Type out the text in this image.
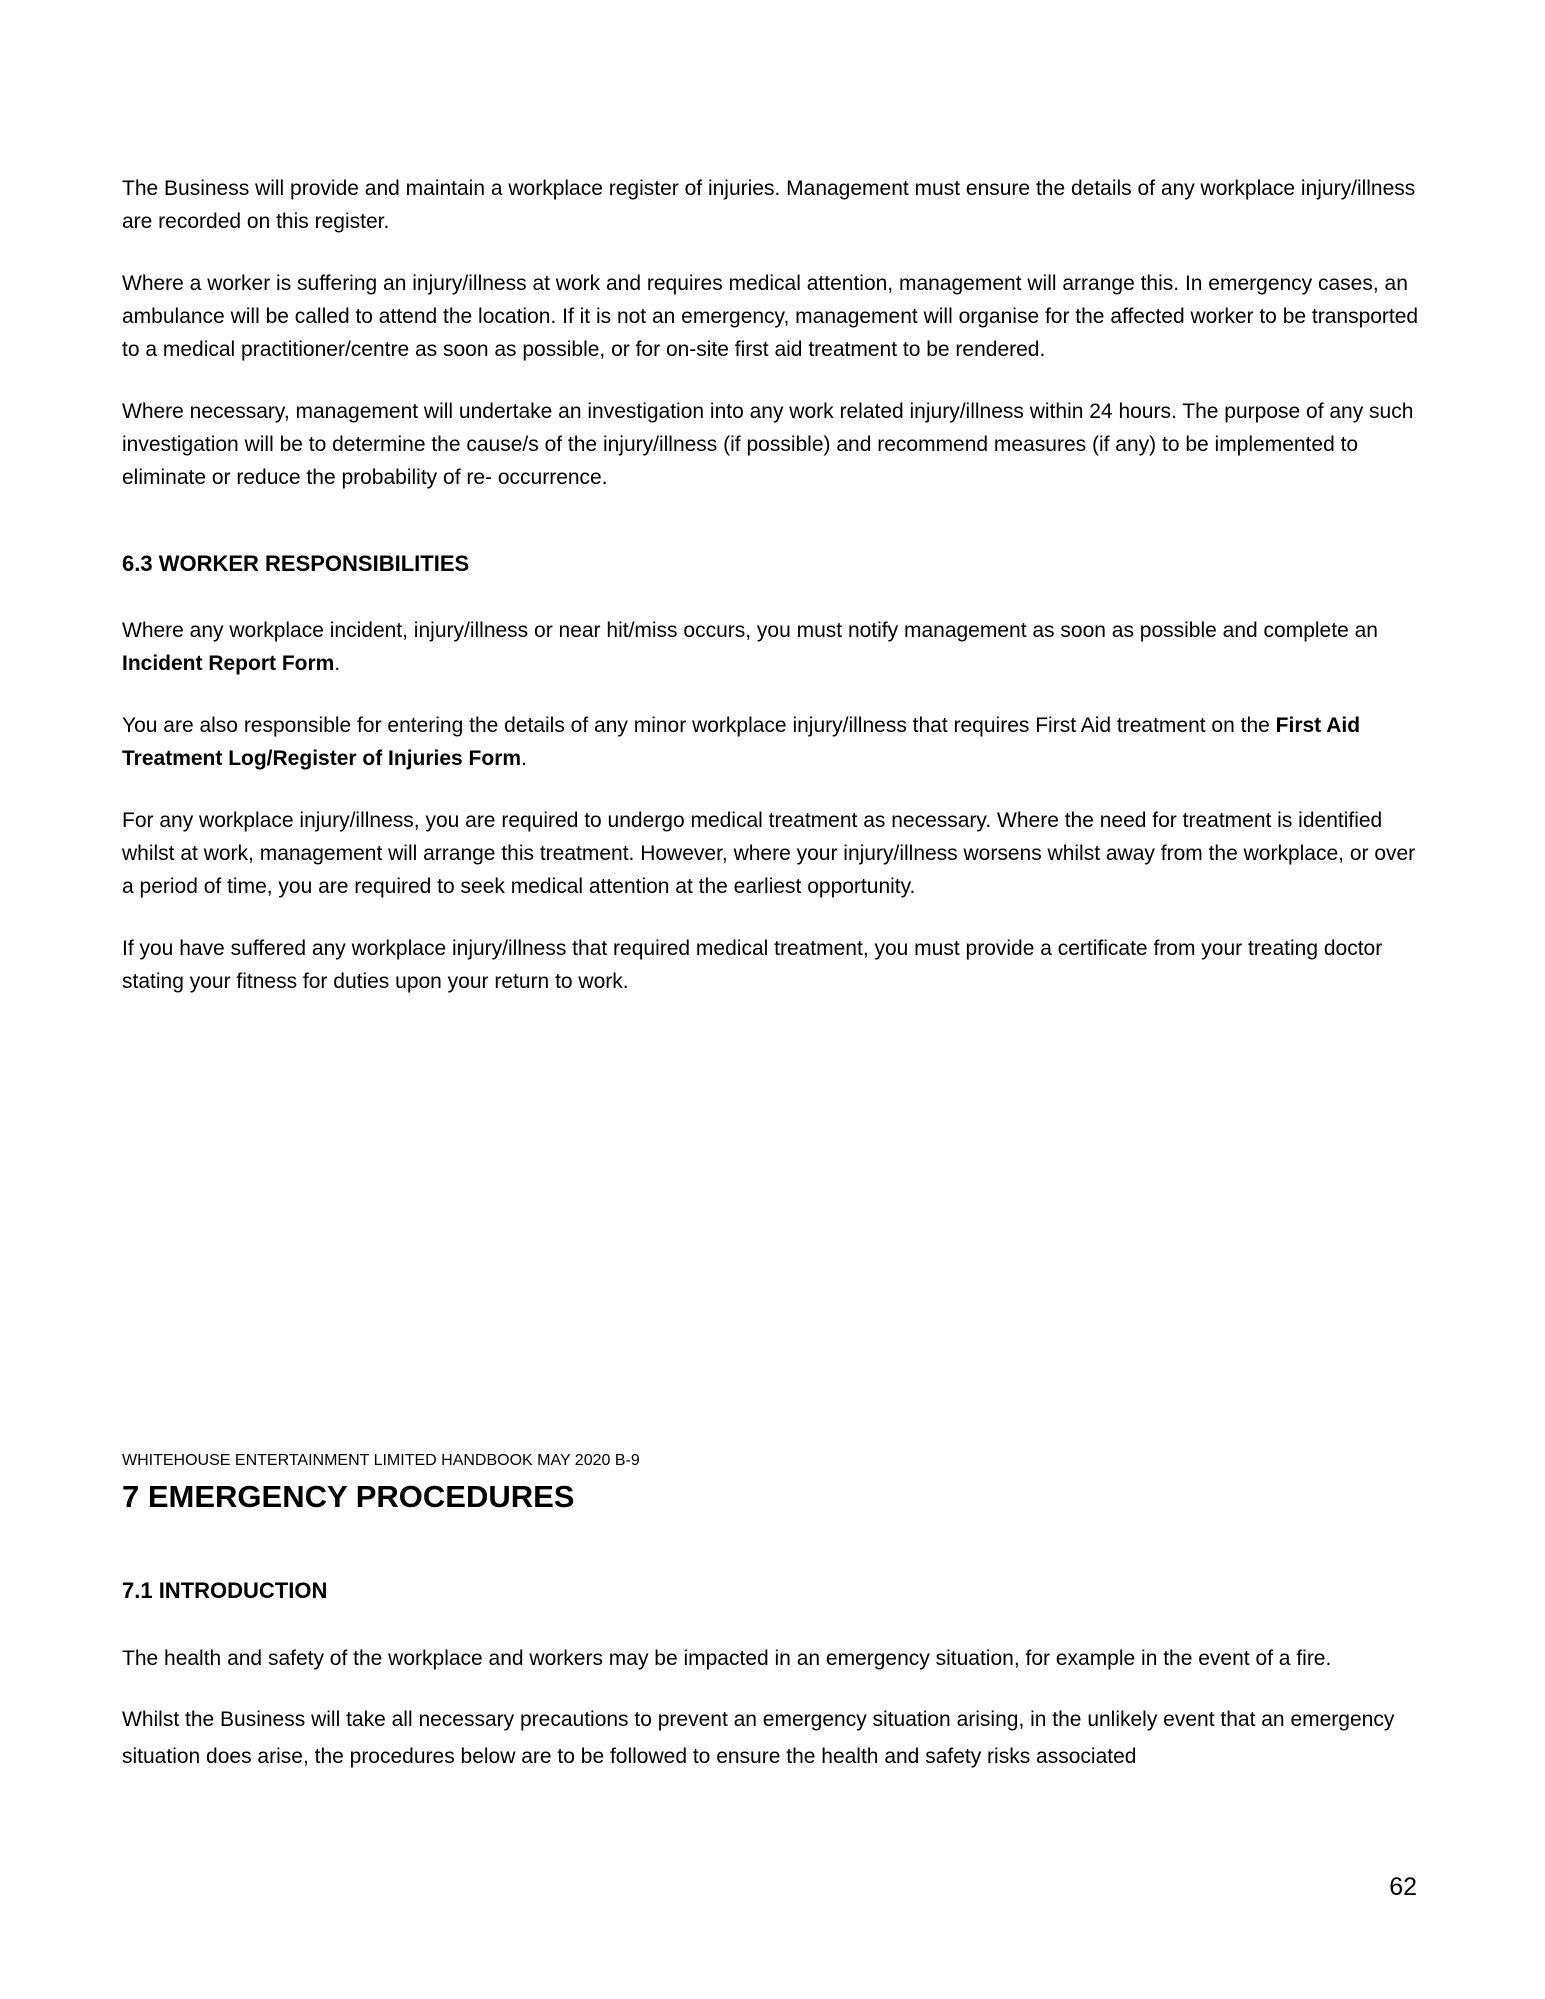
The Business will provide and maintain a workplace register of injuries. Management must ensure the details of any workplace injury/illness are recorded on this register.

Where a worker is suffering an injury/illness at work and requires medical attention, management will arrange this. In emergency cases, an ambulance will be called to attend the location. If it is not an emergency, management will organise for the affected worker to be transported to a medical practitioner/centre as soon as possible, or for on-site first aid treatment to be rendered.

Where necessary, management will undertake an investigation into any work related injury/illness within 24 hours. The purpose of any such investigation will be to determine the cause/s of the injury/illness (if possible) and recommend measures (if any) to be implemented to eliminate or reduce the probability of re- occurrence.

6.3 WORKER RESPONSIBILITIES

Where any workplace incident, injury/illness or near hit/miss occurs, you must notify management as soon as possible and complete an Incident Report Form.

You are also responsible for entering the details of any minor workplace injury/illness that requires First Aid treatment on the First Aid Treatment Log/Register of Injuries Form.

For any workplace injury/illness, you are required to undergo medical treatment as necessary. Where the need for treatment is identified whilst at work, management will arrange this treatment. However, where your injury/illness worsens whilst away from the workplace, or over a period of time, you are required to seek medical attention at the earliest opportunity.

If you have suffered any workplace injury/illness that required medical treatment, you must provide a certificate from your treating doctor stating your fitness for duties upon your return to work.

WHITEHOUSE ENTERTAINMENT LIMITED HANDBOOK MAY 2020 B-9

7 EMERGENCY PROCEDURES
7.1 INTRODUCTION

The health and safety of the workplace and workers may be impacted in an emergency situation, for example in the event of a fire.

Whilst the Business will take all necessary precautions to prevent an emergency situation arising, in the unlikely event that an emergency situation does arise, the procedures below are to be followed to ensure the health and safety risks associated

62
